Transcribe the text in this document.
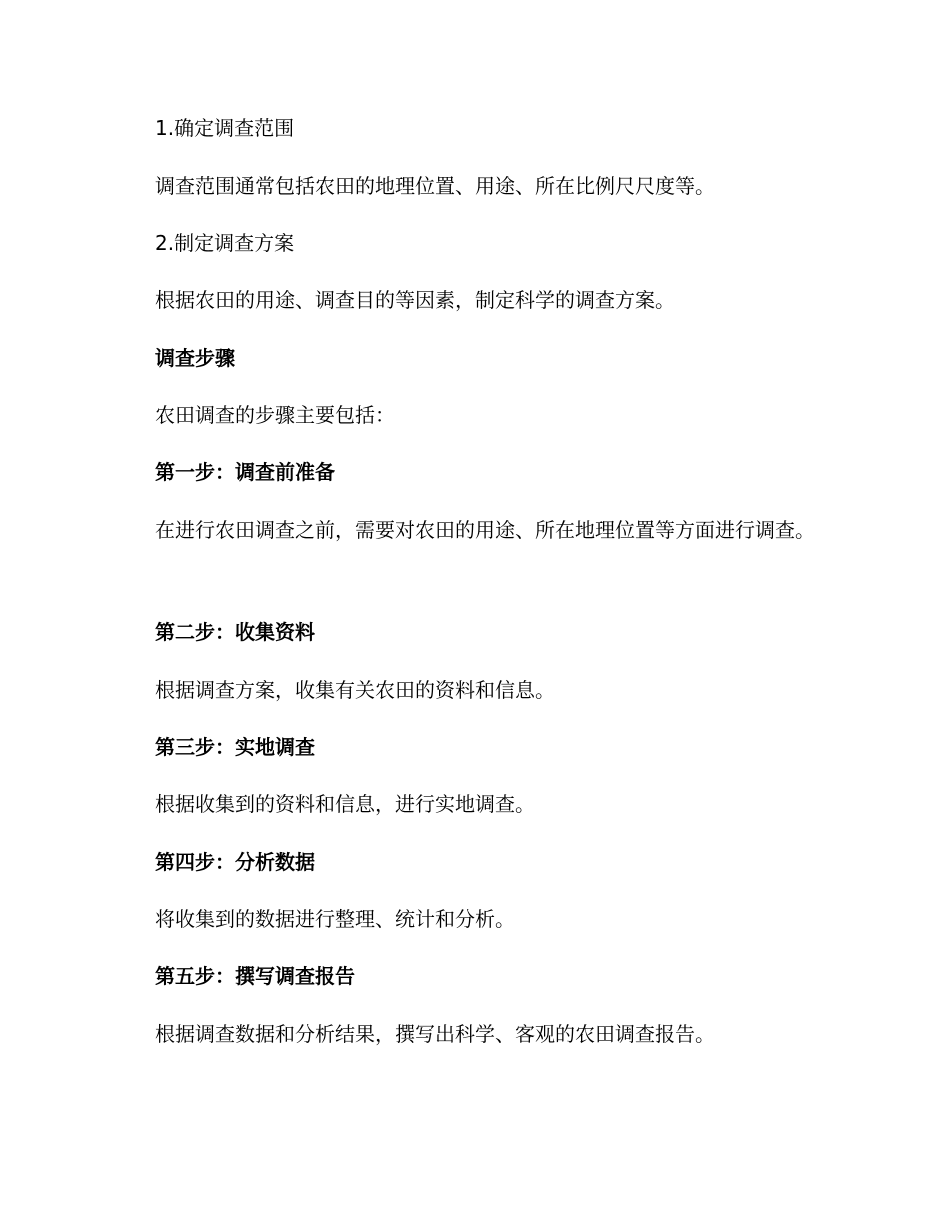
1.确定调查范围
调查范围通常包括农田的地理位置、用途、所在比例尺尺度等。
2.制定调查方案
根据农田的用途、调查目的等因素，制定科学的调查方案。
调查步骤
农田调查的步骤主要包括：
第一步：调查前准备
在进行农田调查之前，需要对农田的用途、所在地理位置等方面进行调查。
第二步：收集资料
根据调查方案，收集有关农田的资料和信息。
第三步：实地调查
根据收集到的资料和信息，进行实地调查。
第四步：分析数据
将收集到的数据进行整理、统计和分析。
第五步：撰写调查报告
根据调查数据和分析结果，撰写出科学、客观的农田调查报告。
